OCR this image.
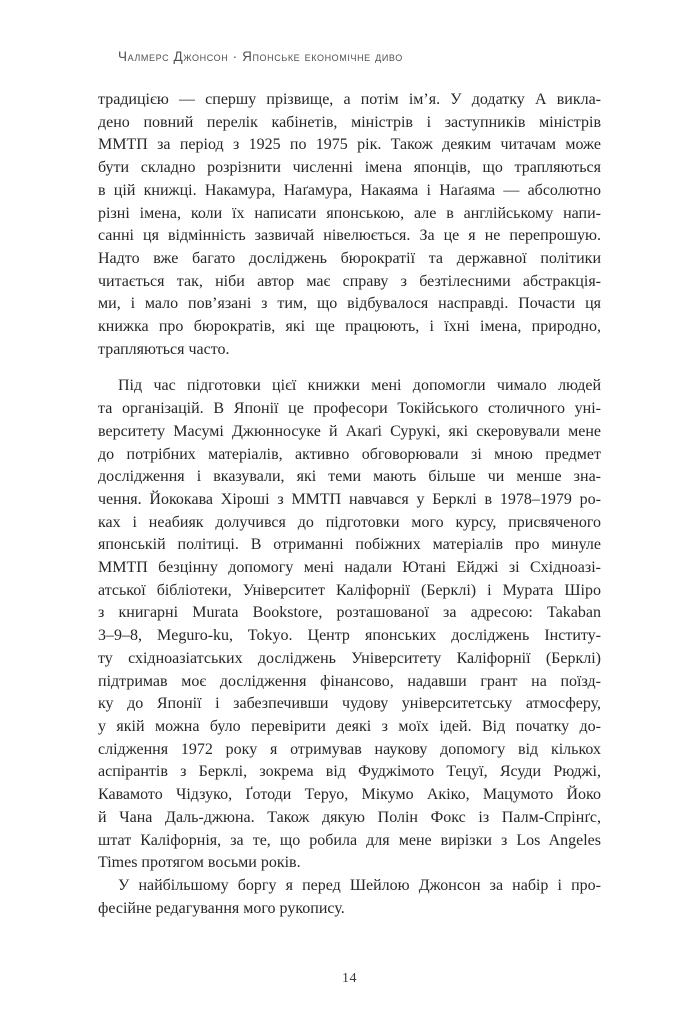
Чалмерс Джонсон · Японське економічне диво
традицією — спершу прізвище, а потім ім’я. У додатку А викла-
дено повний перелік кабінетів, міністрів і заступників міністрів
ММТП за період з 1925 по 1975 рік. Також деяким читачам може
бути складно розрізнити численні імена японців, що трапляються
в цій книжці. Накамура, Наґамура, Накаяма і Наґаяма — абсолютно
різні імена, коли їх написати японською, але в англійському напи-
санні ця відмінність зазвичай нівелюється. За це я не перепрошую.
Надто вже багато досліджень бюрократії та державної політики
читається так, ніби автор має справу з безтілесними абстракція-
ми, і мало пов’язані з тим, що відбувалося насправді. Почасти ця
книжка про бюрократів, які ще працюють, і їхні імена, природно,
трапляються часто.
Під час підготовки цієї книжки мені допомогли чимало людей
та організацій. В Японії це професори Токійського столичного уні-
верситету Масумі Джюнносуке й Акаґі Сурукі, які скеровували мене
до потрібних матеріалів, активно обговорювали зі мною предмет
дослідження і вказували, які теми мають більше чи менше зна-
чення. Йококава Хіроші з ММТП навчався у Берклі в 1978–1979 ро-
ках і неабияк долучився до підготовки мого курсу, присвяченого
японській політиці. В отриманні побіжних матеріалів про минуле
ММТП безцінну допомогу мені надали Ютані Ейджі зі Східноазі-
атської бібліотеки, Університет Каліфорнії (Берклі) і Мурата Шіро
з книгарні Murata Bookstore, розташованої за адресою: Takaban
3–9–8, Meguro-ku, Tokyo. Центр японських досліджень Інститу-
ту східноазіатських досліджень Університету Каліфорнії (Берклі)
підтримав моє дослідження фінансово, надавши грант на поїзд-
ку до Японії і забезпечивши чудову університетську атмосферу,
у якій можна було перевірити деякі з моїх ідей. Від початку до-
слідження 1972 року я отримував наукову допомогу від кількох
аспірантів з Берклі, зокрема від Фуджімото Тецуї, Ясуди Рюджі,
Кавамото Чідзуко, Ґотоди Теруо, Мікумо Акіко, Мацумото Йоко
й Чана Даль-джюна. Також дякую Полін Фокс із Палм-Спрінґс,
штат Каліфорнія, за те, що робила для мене вирізки з Los Angeles
Times протягом восьми років.
У найбільшому боргу я перед Шейлою Джонсон за набір і про-
фесійне редагування мого рукопису.
14
